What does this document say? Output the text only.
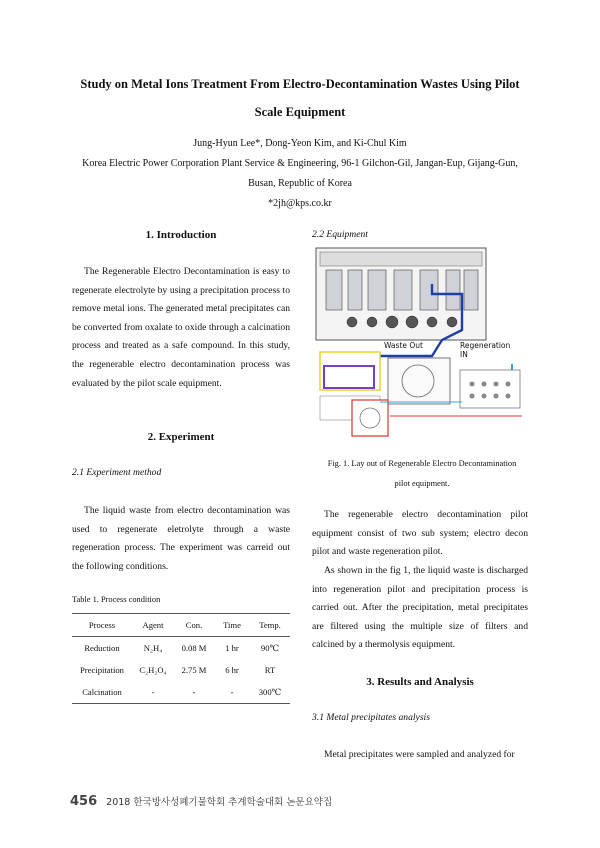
Study on Metal Ions Treatment From Electro-Decontamination Wastes Using Pilot
Scale Equipment
Jung-Hyun Lee*, Dong-Yeon Kim, and Ki-Chul Kim
Korea Electric Power Corporation Plant Service & Engineering, 96-1 Gilchon-Gil, Jangan-Eup, Gijang-Gun,
Busan, Republic of Korea
*2jh@kps.co.kr
1. Introduction
The Regenerable Electro Decontamination is easy to regenerate electrolyte by using a precipitation process to remove metal ions. The generated metal precipitates can be converted from oxalate to oxide through a calcination process and treated as a safe compound. In this study, the regenerable electro decontamination process was evaluated by the pilot scale equipment.
2. Experiment
2.1 Experiment method
The liquid waste from electro decontamination was used to regenerate eletrolyte through a waste regeneration process. The experiment was carreid out the following conditions.
Table 1. Process condition
Process	Agent	Con.	Time	Temp.
Reduction	N₂H₄	0.08 M	1 hr	90℃
Precipitation	C₂H₂O₄	2.75 M	6 hr	RT
Calcination	-	-	-	300℃
2.2 Equipment
Waste Out	Regeneration
IN
Fig. 1. Lay out of Regenerable Electro Decontamination
pilot equipment.
The regenerable electro decontamination pilot equipment consist of two sub system; electro decon pilot and waste regeneration pilot.
As shown in the fig 1, the liquid waste is discharged into regeneration pilot and precipitation process is carried out. After the precipitation, metal precipitates are filtered using the multiple size of filters and calcined by a thermolysis equipment.
3. Results and Analysis
3.1 Metal precipitates analysis
Metal precipitates were sampled and analyzed for
456 2018 한국방사성폐기물학회 추계학술대회 논문요약집
